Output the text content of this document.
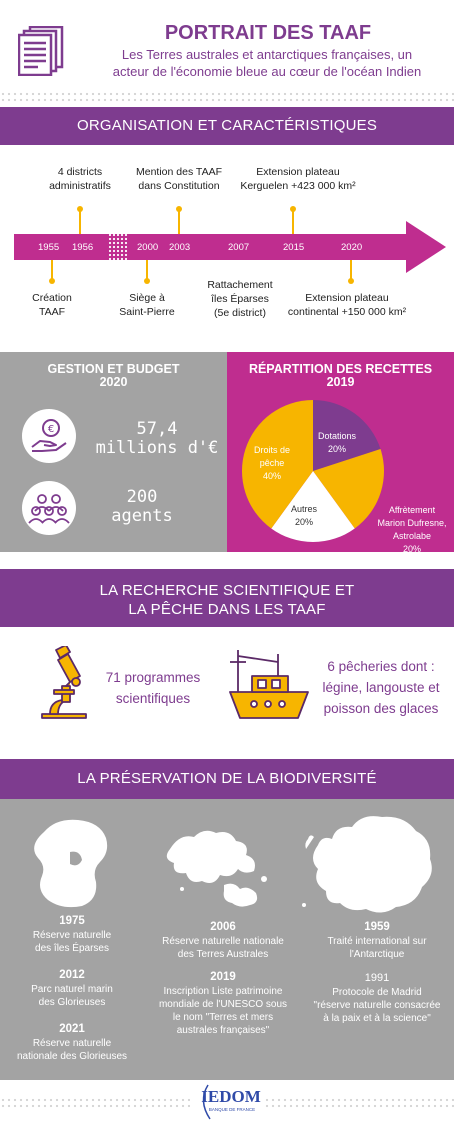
PORTRAIT DES TAAF
Les Terres australes et antarctiques françaises, un
acteur de l'économie bleue au cœur de l'océan Indien
ORGANISATION ET CARACTÉRISTIQUES
1955 1956	2000 2003	2007	2015	2020
4 districts
administratifs
Mention des TAAF
dans Constitution
Extension plateau
Kerguelen +423 000 km²
Création
TAAF
Siège à
Saint-Pierre
Rattachement
îles Éparses
(5e district)
Extension plateau
continental +150 000 km²
GESTION ET BUDGET
2020
€	57,4
millions d'€
200
agents
RÉPARTITION DES RECETTES
2019
Dotations
20%
Droits de
pêche
40%
Autres
20%
Affrètement
Marion Dufresne,
Astrolabe
20%
LA RECHERCHE SCIENTIFIQUE ET
LA PÊCHE DANS LES TAAF
71 programmes
scientifiques
6 pêcheries dont :
légine, langouste et
poisson des glaces
LA PRÉSERVATION DE LA BIODIVERSITÉ
1975
Réserve naturelle
des îles Éparses
2012
Parc naturel marin
des Glorieuses
2021
Réserve naturelle
nationale des Glorieuses
2006
Réserve naturelle nationale
des Terres Australes
2019
Inscription Liste patrimoine
mondiale de l'UNESCO sous
le nom "Terres et mers
australes françaises"
1959
Traité international sur
l'Antarctique
1991
Protocole de Madrid
"réserve naturelle consacrée
à la paix et à la science"
IEDOM
BANQUE DE FRANCE
